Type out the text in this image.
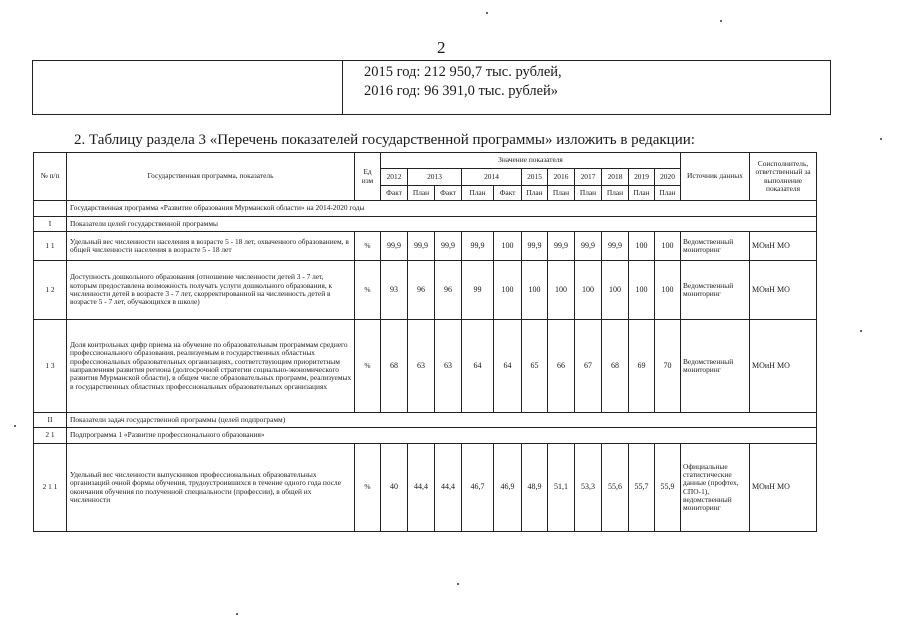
2
2015 год: 212 950,7 тыс. рублей,
2016 год: 96 391,0 тыс. рублей»
2. Таблицу раздела 3 «Перечень показателей государственной программы» изложить в редакции:
№ п/п	Государственная программа, показатель	Ед изм	Значение показателя											Источник данных	Соисполнитель, ответственный за выполнение показателя
			2012	2013		2014		2015	2016	2017	2018	2019	2020		
			Факт	План	Факт	План	Факт	План	План	План	План	План	План		
	Государственная программа «Развитие образования Мурманской области» на 2014-2020 годы														
I	Показатели целей государственной программы														
1 1	Удельный вес численности населения в возрасте 5 - 18 лет, охваченного образованием, в общей численности населения в возрасте 5 - 18 лет	%	99,9	99,9	99,9	99,9	100	99,9	99,9	99,9	99,9	100	100	Ведомственный мониторинг	МОиН МО
1 2	Доступность дошкольного образования (отношение численности детей 3 - 7 лет, которым предоставлена возможность получать услуги дошкольного образования, к численности детей в возрасте 3 - 7 лет, скорректированной на численность детей в возрасте 5 - 7 лет, обучающихся в школе)	%	93	96	96	99	100	100	100	100	100	100	100	Ведомственный мониторинг	МОиН МО
1 3	Доля контрольных цифр приема на обучение по образовательным программам среднего профессионального образования, реализуемым в государственных областных профессиональных образовательных организациях, соответствующим приоритетным направлениям развития региона (долгосрочной стратегии социально-экономического развития Мурманской области), в общем числе образовательных программ, реализуемых в государственных областных профессиональных образовательных организациях	%	68	63	63	64	64	65	66	67	68	69	70	Ведомственный мониторинг	МОиН МО
II	Показатели задач государственной программы (целей подпрограмм)														
2 1	Подпрограмма 1 «Развитие профессионального образования»														
2 1 1	Удельный вес численности выпускников профессиональных образовательных организаций очной формы обучения, трудоустроившихся в течение одного года после окончания обучения по полученной специальности (профессии), в общей их численности	%	40	44,4	44,4	46,7	46,9	48,9	51,1	53,3	55,6	55,7	55,9	Официальные статистические данные (профтех, СПО-1), ведомственный мониторинг	МОиН МО
